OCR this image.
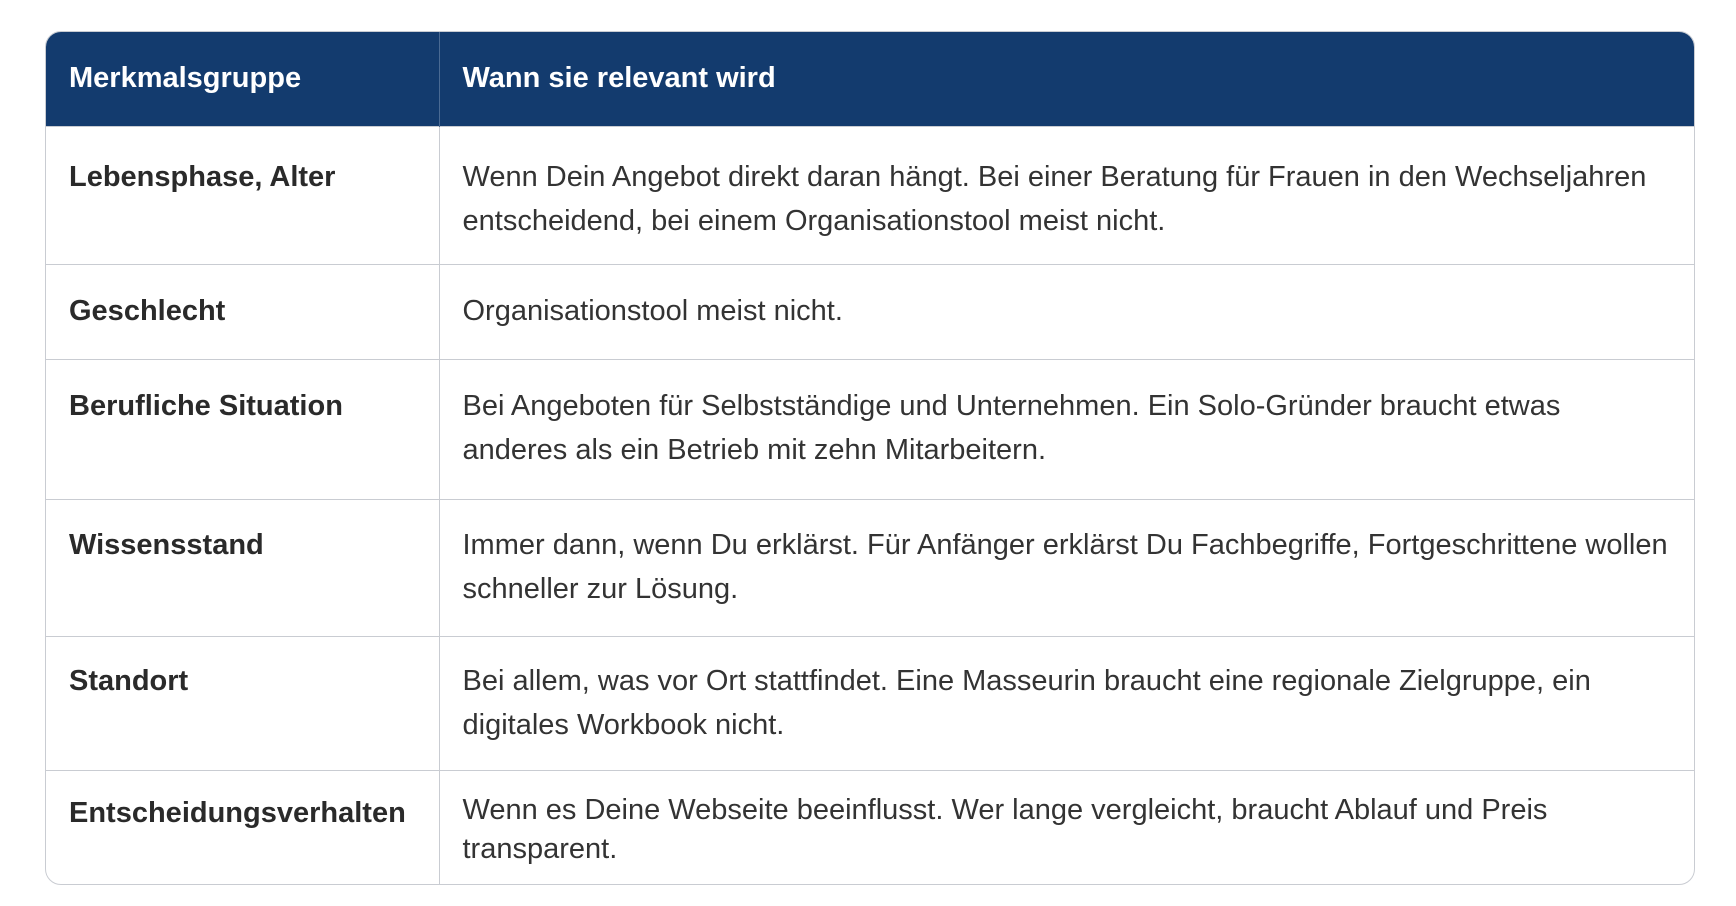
Merkmalsgruppe	Wann sie relevant wird
Lebensphase, Alter	Wenn Dein Angebot direkt daran hängt. Bei einer Beratung für Frauen in den Wechseljahren entscheidend, bei einem Organisationstool meist nicht.
Geschlecht	Organisationstool meist nicht.
Berufliche Situation	Bei Angeboten für Selbstständige und Unternehmen. Ein Solo-Gründer braucht etwas anderes als ein Betrieb mit zehn Mitarbeitern.
Wissensstand	Immer dann, wenn Du erklärst. Für Anfänger erklärst Du Fachbegriffe, Fortgeschrittene wollen schneller zur Lösung.
Standort	Bei allem, was vor Ort stattfindet. Eine Masseurin braucht eine regionale Zielgruppe, ein digitales Workbook nicht.
Entscheidungsverhalten	Wenn es Deine Webseite beeinflusst. Wer lange vergleicht, braucht Ablauf und Preis transparent.
